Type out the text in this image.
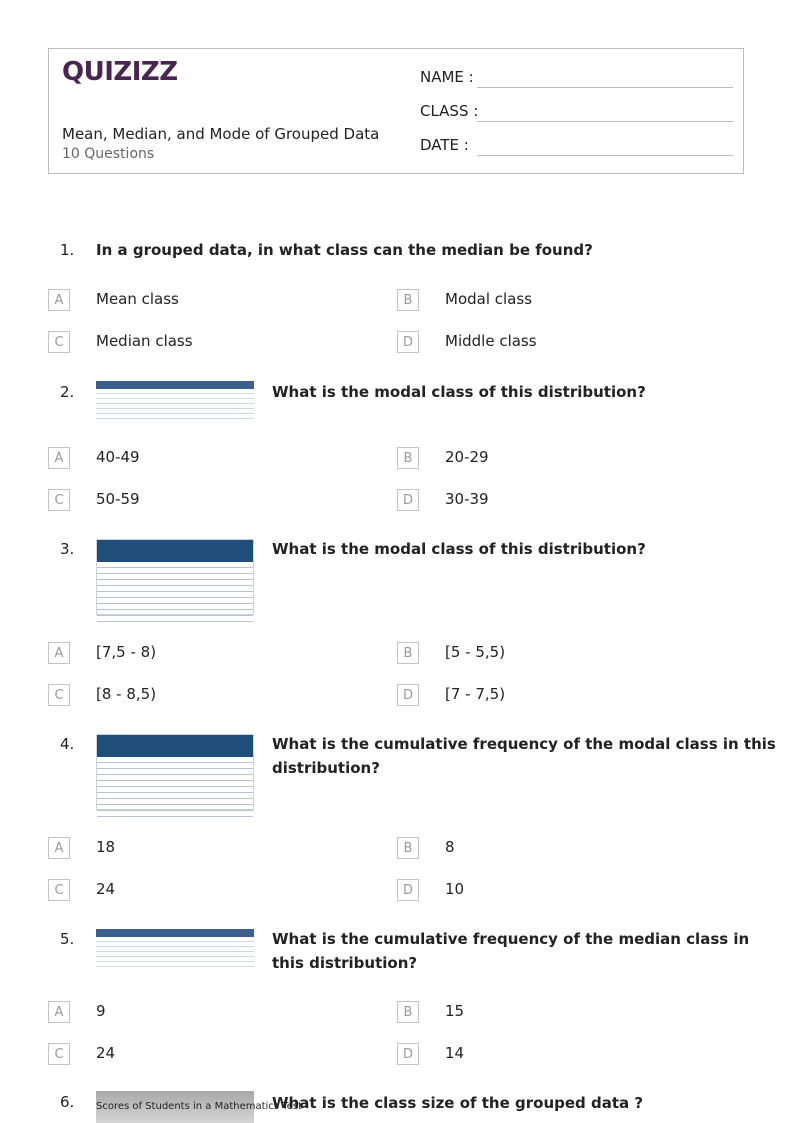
QUIZIZZ
Mean, Median, and Mode of Grouped Data
10 Questions
NAME :
CLASS :
DATE :
1. In a grouped data, in what class can the median be found?
A	Mean class	B	Modal class
C	Median class	D	Middle class
2.	What is the modal class of this distribution?
A	40-49	B	20-29
C	50-59	D	30-39
3.	What is the modal class of this distribution?
A	[7,5 - 8)	B	[5 - 5,5)
C	[8 - 8,5)	D	[7 - 7,5)
4.	What is the cumulative frequency of the modal class in this
distribution?
A	18	B	8
C	24	D	10
5.	What is the cumulative frequency of the median class in
this distribution?
A	9	B	15
C	24	D	14
6. Scores of Students in a Mathematics Test
What is the class size of the grouped data ?
